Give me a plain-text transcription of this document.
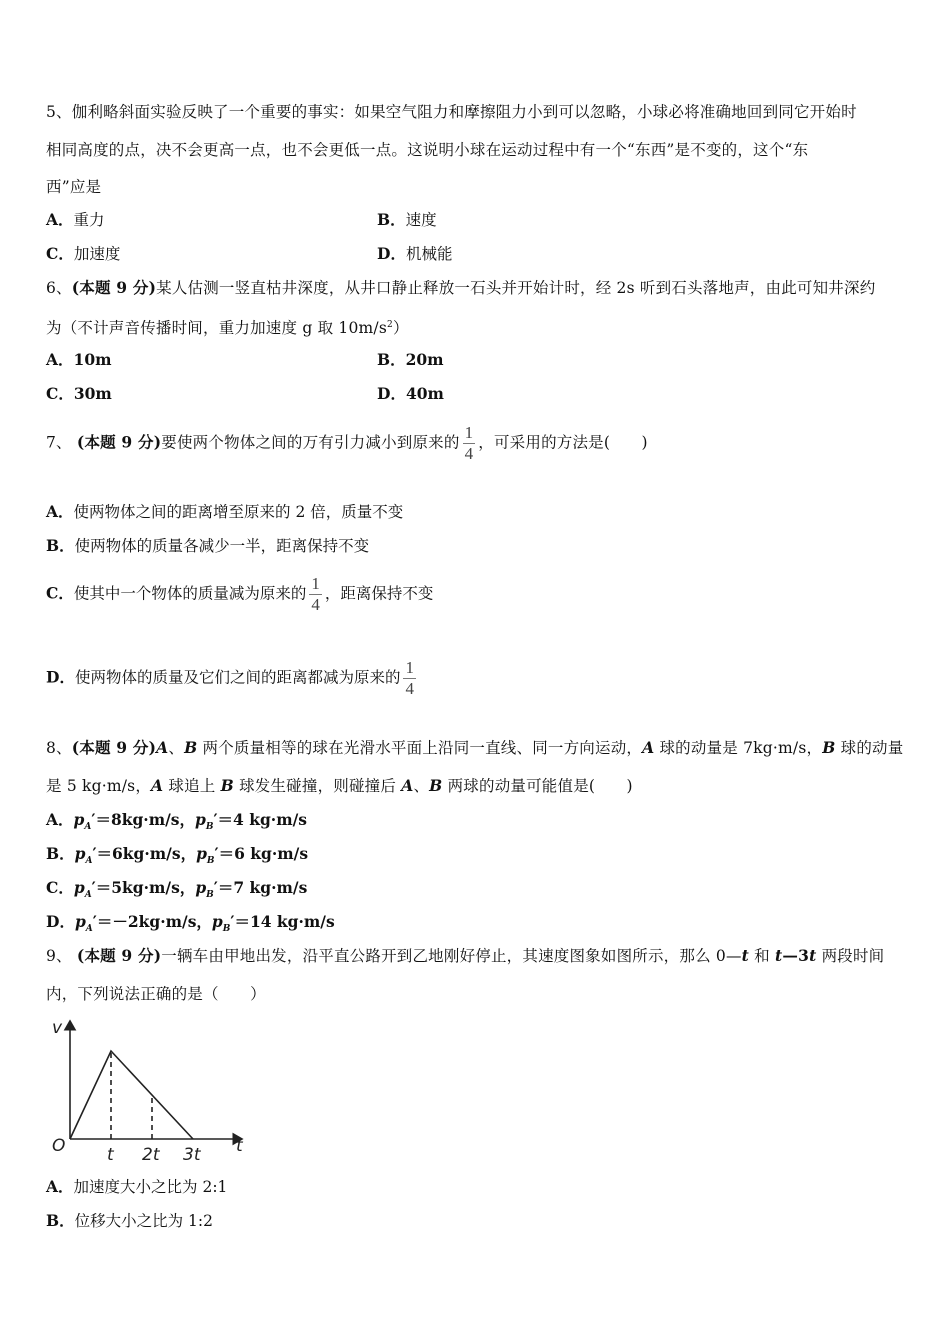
5、伽利略斜面实验反映了一个重要的事实：如果空气阻力和摩擦阻力小到可以忽略，小球必将准确地回到同它开始时
相同高度的点，决不会更高一点，也不会更低一点。这说明小球在运动过程中有一个“东西”是不变的，这个“东
西”应是
A．重力	B．速度
C．加速度	D．机械能
6、(本题 9 分)某人估测一竖直枯井深度，从井口静止释放一石头并开始计时，经 2s 听到石头落地声，由此可知井深约
为（不计声音传播时间，重力加速度 g 取 $10m/s^2$）
A．10m	B．20m
C．30m	D．40m
7、 (本题 9 分)要使两个物体之间的万有引力减小到原来的 $\frac{1}{4}$ ，可采用的方法是(　　)
A．使两物体之间的距离增至原来的 2 倍，质量不变
B．使两物体的质量各减少一半，距离保持不变
C．使其中一个物体的质量减为原来的 $\frac{1}{4}$ ，距离保持不变
D．使两物体的质量及它们之间的距离都减为原来的 $\frac{1}{4}$
8、(本题 9 分)A、B 两个质量相等的球在光滑水平面上沿同一直线、同一方向运动，A 球的动量是 7kg·m/s，B 球的动量
是 5 kg·m/s，A 球追上 B 球发生碰撞，则碰撞后 A、B 两球的动量可能值是(　　)
A．$p_A'=8kg\cdot m/s$，$p_B'=4$ kg·m/s
B．$p_A'=6kg\cdot m/s$，$p_B'=6$ kg·m/s
C．$p_A'=5kg\cdot m/s$，$p_B'=7$ kg·m/s
D．$p_A'=-2kg\cdot m/s$，$p_B'=14$ kg·m/s
9、 (本题 9 分)一辆车由甲地出发，沿平直公路开到乙地刚好停止，其速度图象如图所示，那么 0—t 和 t—3t 两段时间
内，下列说法正确的是（　　）
v
t
O t 2t 3t
A．加速度大小之比为 2:1
B．位移大小之比为 1:2
